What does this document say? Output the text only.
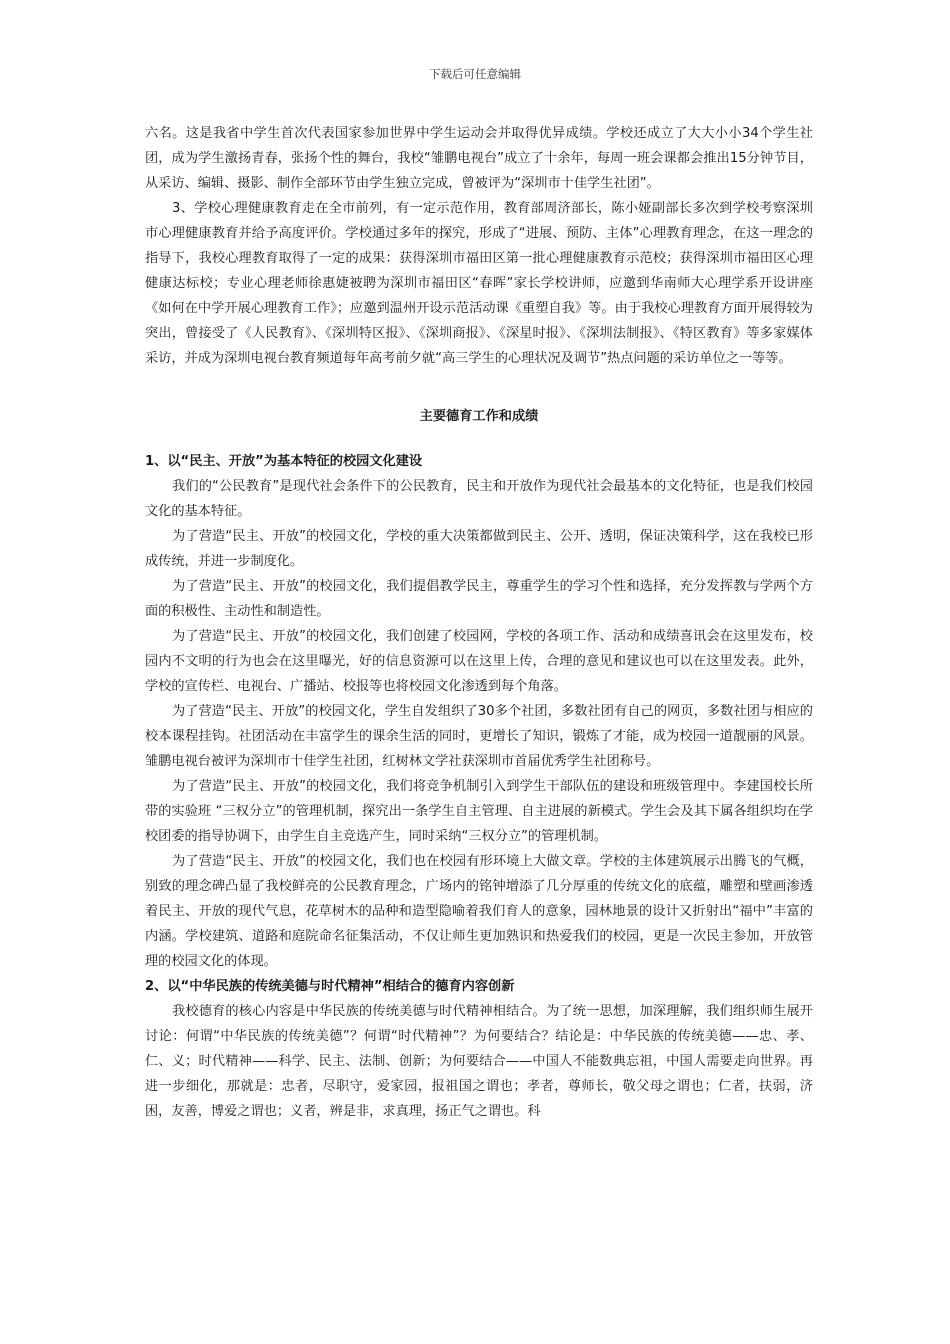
下载后可任意编辑

六名。这是我省中学生首次代表国家参加世界中学生运动会并取得优异成绩。学校还成立了大大小小34个学生社团，成为学生激扬青春，张扬个性的舞台，我校“雏鹏电视台”成立了十余年，每周一班会课都会推出15分钟节目，从采访、编辑、摄影、制作全部环节由学生独立完成，曾被评为“深圳市十佳学生社团”。

3、学校心理健康教育走在全市前列，有一定示范作用，教育部周济部长，陈小娅副部长多次到学校考察深圳市心理健康教育并给予高度评价。学校通过多年的探究，形成了“进展、预防、主体”心理教育理念，在这一理念的指导下，我校心理教育取得了一定的成果：获得深圳市福田区第一批心理健康教育示范校；获得深圳市福田区心理健康达标校；专业心理老师徐惠婕被聘为深圳市福田区“春晖”家长学校讲师，应邀到华南师大心理学系开设讲座《如何在中学开展心理教育工作》；应邀到温州开设示范活动课《重塑自我》等。由于我校心理教育方面开展得较为突出，曾接受了《人民教育》、《深圳特区报》、《深圳商报》、《深星时报》、《深圳法制报》、《特区教育》等多家媒体采访，并成为深圳电视台教育频道每年高考前夕就“高三学生的心理状况及调节”热点问题的采访单位之一等等。

主要德育工作和成绩

1、以“民主、开放”为基本特征的校园文化建设

我们的“公民教育”是现代社会条件下的公民教育，民主和开放作为现代社会最基本的文化特征，也是我们校园文化的基本特征。

为了营造“民主、开放”的校园文化，学校的重大决策都做到民主、公开、透明，保证决策科学，这在我校已形成传统，并进一步制度化。

为了营造“民主、开放”的校园文化，我们提倡教学民主，尊重学生的学习个性和选择，充分发挥教与学两个方面的积极性、主动性和制造性。

为了营造“民主、开放”的校园文化，我们创建了校园网，学校的各项工作、活动和成绩喜讯会在这里发布，校园内不文明的行为也会在这里曝光，好的信息资源可以在这里上传，合理的意见和建议也可以在这里发表。此外，学校的宣传栏、电视台、广播站、校报等也将校园文化渗透到每个角落。

为了营造“民主、开放”的校园文化，学生自发组织了30多个社团，多数社团有自己的网页，多数社团与相应的校本课程挂钩。社团活动在丰富学生的课余生活的同时，更增长了知识，锻炼了才能，成为校园一道靓丽的风景。雏鹏电视台被评为深圳市十佳学生社团，红树林文学社获深圳市首届优秀学生社团称号。

为了营造“民主、开放”的校园文化，我们将竞争机制引入到学生干部队伍的建设和班级管理中。李建国校长所带的实验班 “三权分立”的管理机制，探究出一条学生自主管理、自主进展的新模式。学生会及其下属各组织均在学校团委的指导协调下，由学生自主竞选产生，同时采纳“三权分立”的管理机制。

为了营造“民主、开放”的校园文化，我们也在校园有形环境上大做文章。学校的主体建筑展示出腾飞的气概，别致的理念碑凸显了我校鲜亮的公民教育理念，广场内的铭钟增添了几分厚重的传统文化的底蕴，雕塑和壁画渗透着民主、开放的现代气息，花草树木的品种和造型隐喻着我们育人的意象，园林地景的设计又折射出“福中”丰富的内涵。学校建筑、道路和庭院命名征集活动，不仅让师生更加熟识和热爱我们的校园，更是一次民主参加，开放管理的校园文化的体现。

2、以“中华民族的传统美德与时代精神”相结合的德育内容创新

我校德育的核心内容是中华民族的传统美德与时代精神相结合。为了统一思想，加深理解，我们组织师生展开讨论：何谓“中华民族的传统美德”？何谓“时代精神”？为何要结合？结论是：中华民族的传统美德——忠、孝、仁、义；时代精神——科学、民主、法制、创新；为何要结合——中国人不能数典忘祖，中国人需要走向世界。再进一步细化，那就是：忠者，尽职守，爱家园，报祖国之谓也；孝者，尊师长，敬父母之谓也；仁者，扶弱，济困，友善，博爱之谓也；义者，辨是非，求真理，扬正气之谓也。科
